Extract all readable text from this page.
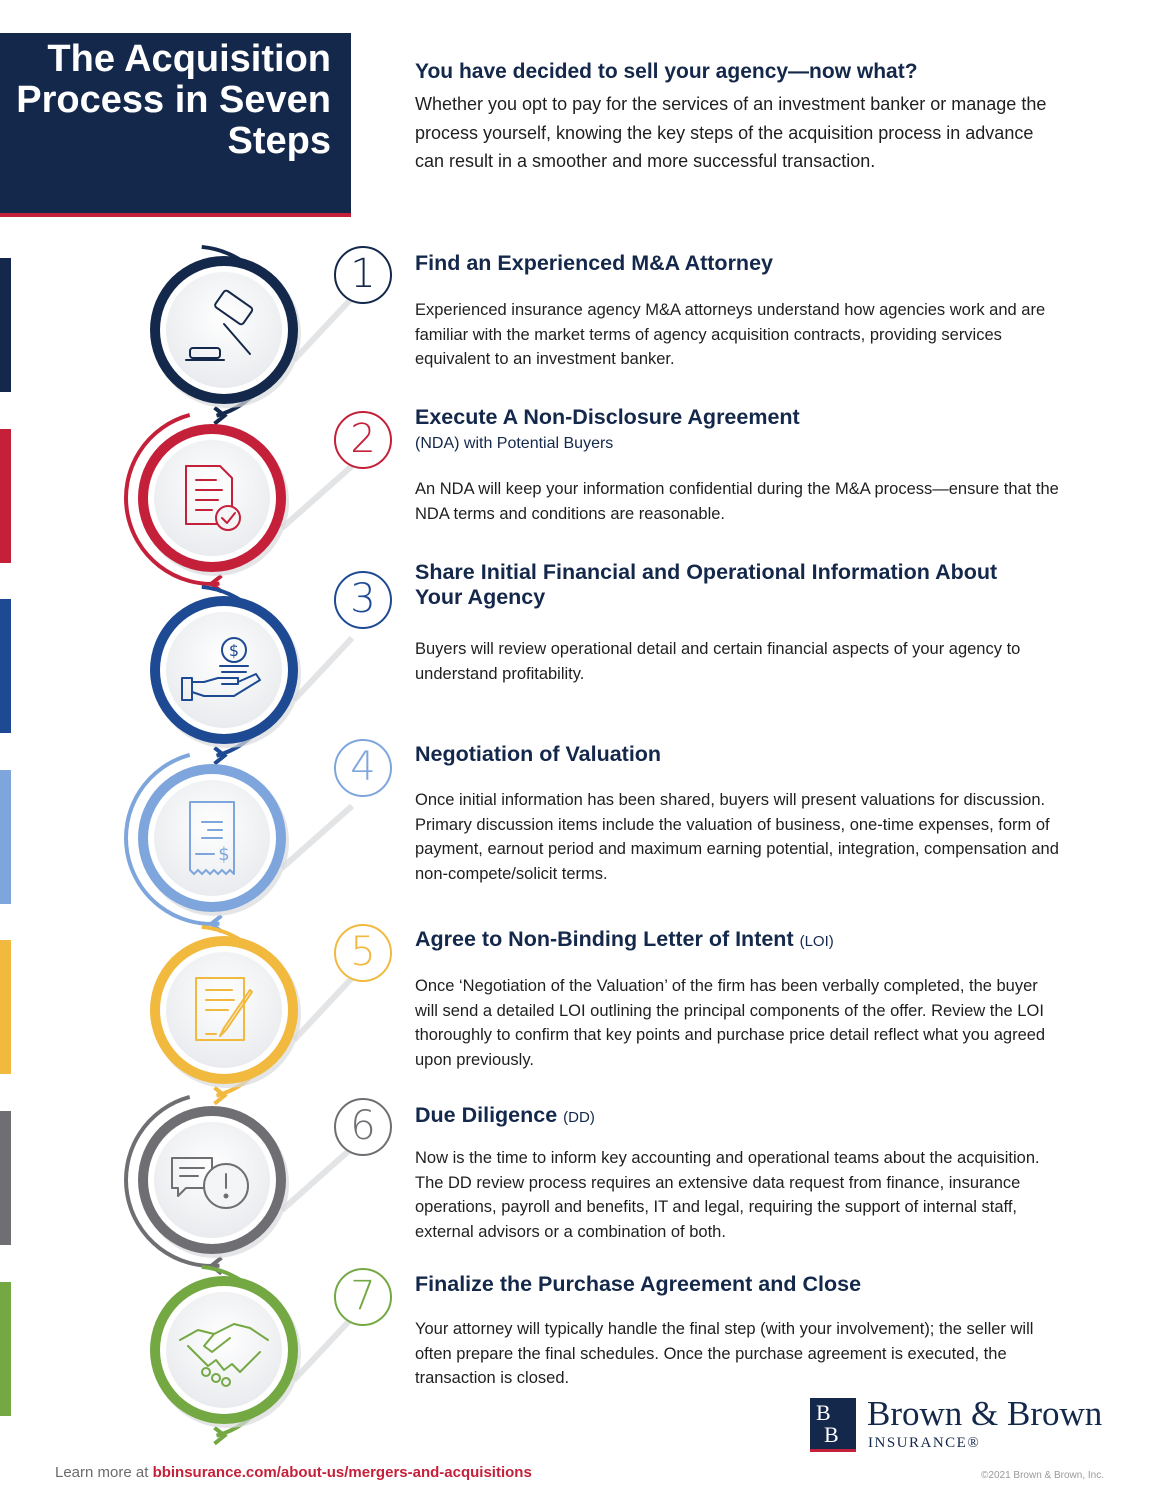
The Acquisition Process in Seven Steps
You have decided to sell your agency—now what?
Whether you opt to pay for the services of an investment banker or manage the process yourself, knowing the key steps of the acquisition process in advance can result in a smoother and more successful transaction.
$
$
1	Find an Experienced M&A Attorney
Experienced insurance agency M&A attorneys understand how agencies work and are familiar with the market terms of agency acquisition contracts, providing services equivalent to an investment banker.
2	Execute A Non-Disclosure Agreement
(NDA) with Potential Buyers
An NDA will keep your information confidential during the M&A process—ensure that the NDA terms and conditions are reasonable.
3
Share Initial Financial and Operational Information About Your Agency
Buyers will review operational detail and certain financial aspects of your agency to understand profitability.
4	Negotiation of Valuation
Once initial information has been shared, buyers will present valuations for discussion. Primary discussion items include the valuation of business, one-time expenses, form of payment, earnout period and maximum earning potential, integration, compensation and non-compete/solicit terms.
5	Agree to Non-Binding Letter of Intent (LOI)
Once ‘Negotiation of the Valuation’ of the firm has been verbally completed, the buyer will send a detailed LOI outlining the principal components of the offer. Review the LOI thoroughly to confirm that key points and purchase price detail reflect what you agreed upon previously.
6	Due Diligence (DD)
Now is the time to inform key accounting and operational teams about the acquisition. The DD review process requires an extensive data request from finance, insurance operations, payroll and benefits, IT and legal, requiring the support of internal staff, external advisors or a combination of both.
7	Finalize the Purchase Agreement and Close
Your attorney will typically handle the final step (with your involvement); the seller will often prepare the final schedules. Once the purchase agreement is executed, the transaction is closed.
B
B
Brown & Brown
INSURANCE®
Learn more at bbinsurance.com/about-us/mergers-and-acquisitions	©2021 Brown & Brown, Inc.
